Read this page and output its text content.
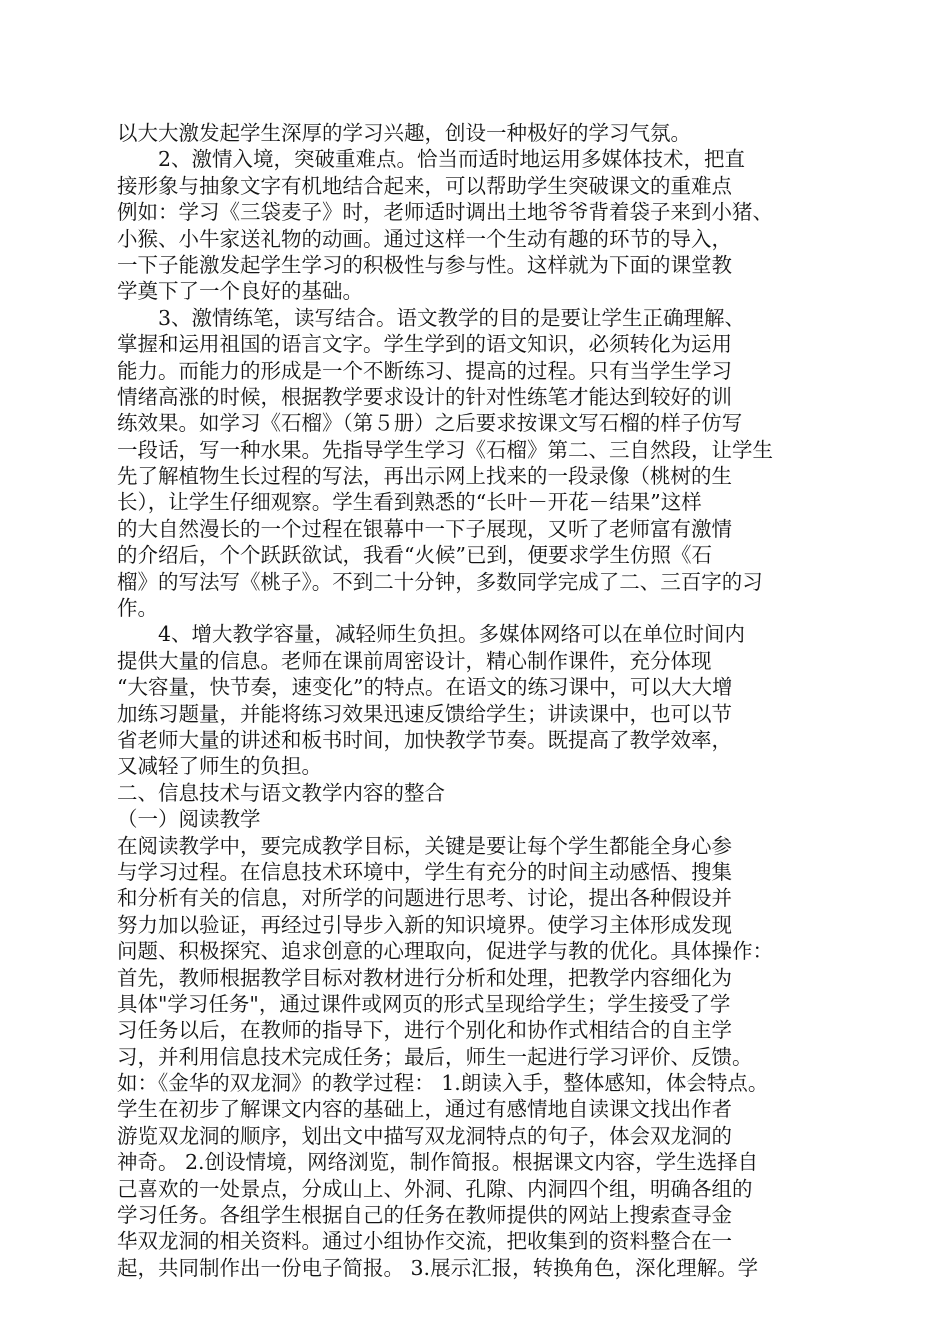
以大大激发起学生深厚的学习兴趣，创设一种极好的学习气氛。
2、激情入境，突破重难点。恰当而适时地运用多媒体技术，把直
接形象与抽象文字有机地结合起来，可以帮助学生突破课文的重难点
例如：学习《三袋麦子》时，老师适时调出土地爷爷背着袋子来到小猪、
小猴、小牛家送礼物的动画。通过这样一个生动有趣的环节的导入，
一下子能激发起学生学习的积极性与参与性。这样就为下面的课堂教
学奠下了一个良好的基础。
3、激情练笔，读写结合。语文教学的目的是要让学生正确理解、
掌握和运用祖国的语言文字。学生学到的语文知识，必须转化为运用
能力。而能力的形成是一个不断练习、提高的过程。只有当学生学习
情绪高涨的时候，根据教学要求设计的针对性练笔才能达到较好的训
练效果。如学习《石榴》（第５册）之后要求按课文写石榴的样子仿写
一段话，写一种水果。先指导学生学习《石榴》第二、三自然段，让学生
先了解植物生长过程的写法，再出示网上找来的一段录像（桃树的生
长），让学生仔细观察。学生看到熟悉的“长叶－开花－结果”这样
的大自然漫长的一个过程在银幕中一下子展现，又听了老师富有激情
的介绍后，个个跃跃欲试，我看“火候”已到，便要求学生仿照《石
榴》的写法写《桃子》。不到二十分钟，多数同学完成了二、三百字的习
作。
4、增大教学容量，减轻师生负担。多媒体网络可以在单位时间内
提供大量的信息。老师在课前周密设计，精心制作课件，充分体现
“大容量，快节奏，速变化”的特点。在语文的练习课中，可以大大增
加练习题量，并能将练习效果迅速反馈给学生；讲读课中，也可以节
省老师大量的讲述和板书时间，加快教学节奏。既提高了教学效率，
又减轻了师生的负担。
二、信息技术与语文教学内容的整合
（一）阅读教学
在阅读教学中，要完成教学目标，关键是要让每个学生都能全身心参
与学习过程。在信息技术环境中，学生有充分的时间主动感悟、搜集
和分析有关的信息，对所学的问题进行思考、讨论，提出各种假设并
努力加以验证，再经过引导步入新的知识境界。使学习主体形成发现
问题、积极探究、追求创意的心理取向，促进学与教的优化。具体操作：
首先，教师根据教学目标对教材进行分析和处理，把教学内容细化为
具体"学习任务"，通过课件或网页的形式呈现给学生；学生接受了学
习任务以后，在教师的指导下，进行个别化和协作式相结合的自主学
习，并利用信息技术完成任务；最后，师生一起进行学习评价、反馈。
如：《金华的双龙洞》的教学过程： 1.朗读入手，整体感知，体会特点。
学生在初步了解课文内容的基础上，通过有感情地自读课文找出作者
游览双龙洞的顺序，划出文中描写双龙洞特点的句子，体会双龙洞的
神奇。 2.创设情境，网络浏览，制作简报。根据课文内容，学生选择自
己喜欢的一处景点，分成山上、外洞、孔隙、内洞四个组，明确各组的
学习任务。各组学生根据自己的任务在教师提供的网站上搜索查寻金
华双龙洞的相关资料。通过小组协作交流，把收集到的资料整合在一
起，共同制作出一份电子简报。 3.展示汇报，转换角色，深化理解。学
